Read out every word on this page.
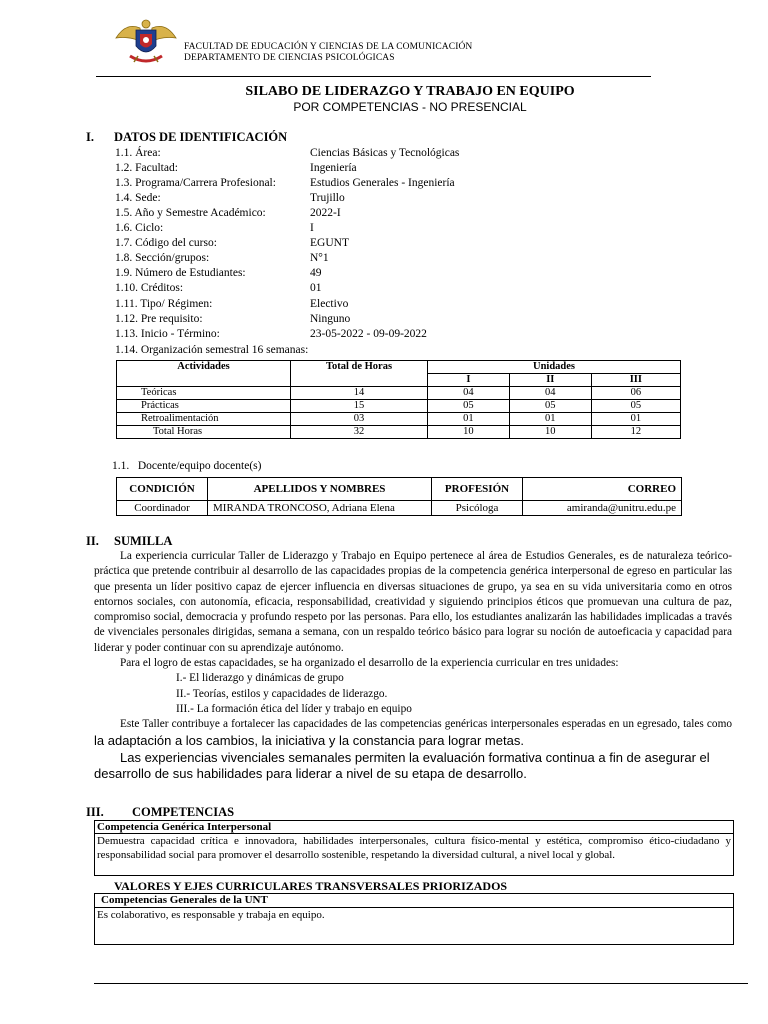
FACULTAD DE EDUCACIÓN Y CIENCIAS DE LA COMUNICACIÓN
DEPARTAMENTO DE CIENCIAS PSICOLÓGICAS
SILABO DE LIDERAZGO Y TRABAJO EN EQUIPO
POR COMPETENCIAS - NO PRESENCIAL
I. DATOS DE IDENTIFICACIÓN
1.1. Área:	Ciencias Básicas y Tecnológicas
1.2. Facultad:	Ingeniería
1.3. Programa/Carrera Profesional:	Estudios Generales - Ingeniería
1.4. Sede:	Trujillo
1.5. Año y Semestre Académico:	2022-I
1.6. Ciclo:	I
1.7. Código del curso:	EGUNT
1.8. Sección/grupos:	N°1
1.9. Número de Estudiantes:	49
1.10. Créditos:	01
1.11. Tipo/ Régimen:	Electivo
1.12. Pre requisito:	Ninguno
1.13. Inicio - Término:	23-05-2022 - 09-09-2022
1.14. Organización semestral 16 semanas:
Actividades	Total de Horas	Unidades		
		I	II	III
Teóricas	14	04	04	06
Prácticas	15	05	05	05
Retroalimentación	03	01	01	01
Total Horas	32	10	10	12
1.1.   Docente/equipo docente(s)
CONDICIÓN	APELLIDOS Y NOMBRES	PROFESIÓN	CORREO
Coordinador	MIRANDA TRONCOSO, Adriana Elena	Psicóloga	amiranda@unitru.edu.pe
II. SUMILLA

La experiencia curricular Taller de Liderazgo y Trabajo en Equipo pertenece al área de Estudios Generales, es de naturaleza teórico-práctica que pretende contribuir al desarrollo de las capacidades propias de la competencia genérica interpersonal de egreso en particular las que presenta un líder positivo capaz de ejercer influencia en diversas situaciones de grupo, ya sea en su vida universitaria como en otros entornos sociales, con autonomía, eficacia, responsabilidad, creatividad y siguiendo principios éticos que promuevan una cultura de paz, compromiso social, democracia y profundo respeto por las personas. Para ello, los estudiantes analizarán las habilidades implicadas a través de vivenciales personales dirigidas, semana a semana, con un respaldo teórico básico para lograr su noción de autoeficacia y capacidad para liderar y poder continuar con su aprendizaje autónomo.

Para el logro de estas capacidades, se ha organizado el desarrollo de la experiencia curricular en tres unidades:

I.- El liderazgo y dinámicas de grupo

II.- Teorías, estilos y capacidades de liderazgo.

III.- La formación ética del líder y trabajo en equipo

Este Taller contribuye a fortalecer las capacidades de las competencias genéricas interpersonales esperadas en un egresado, tales como la adaptación a los cambios, la iniciativa y la constancia para lograr metas.

Las experiencias vivenciales semanales permiten la evaluación formativa continua a fin de asegurar el desarrollo de sus habilidades para liderar a nivel de su etapa de desarrollo.

III. COMPETENCIAS
Competencia Genérica Interpersonal
Demuestra capacidad crítica e innovadora, habilidades interpersonales, cultura físico-mental y estética, compromiso ético-ciudadano y responsabilidad social para promover el desarrollo sostenible, respetando la diversidad cultural, a nivel local y global.
VALORES Y EJES CURRICULARES TRANSVERSALES PRIORIZADOS
Competencias Generales de la UNT
Es colaborativo, es responsable y trabaja en equipo.
